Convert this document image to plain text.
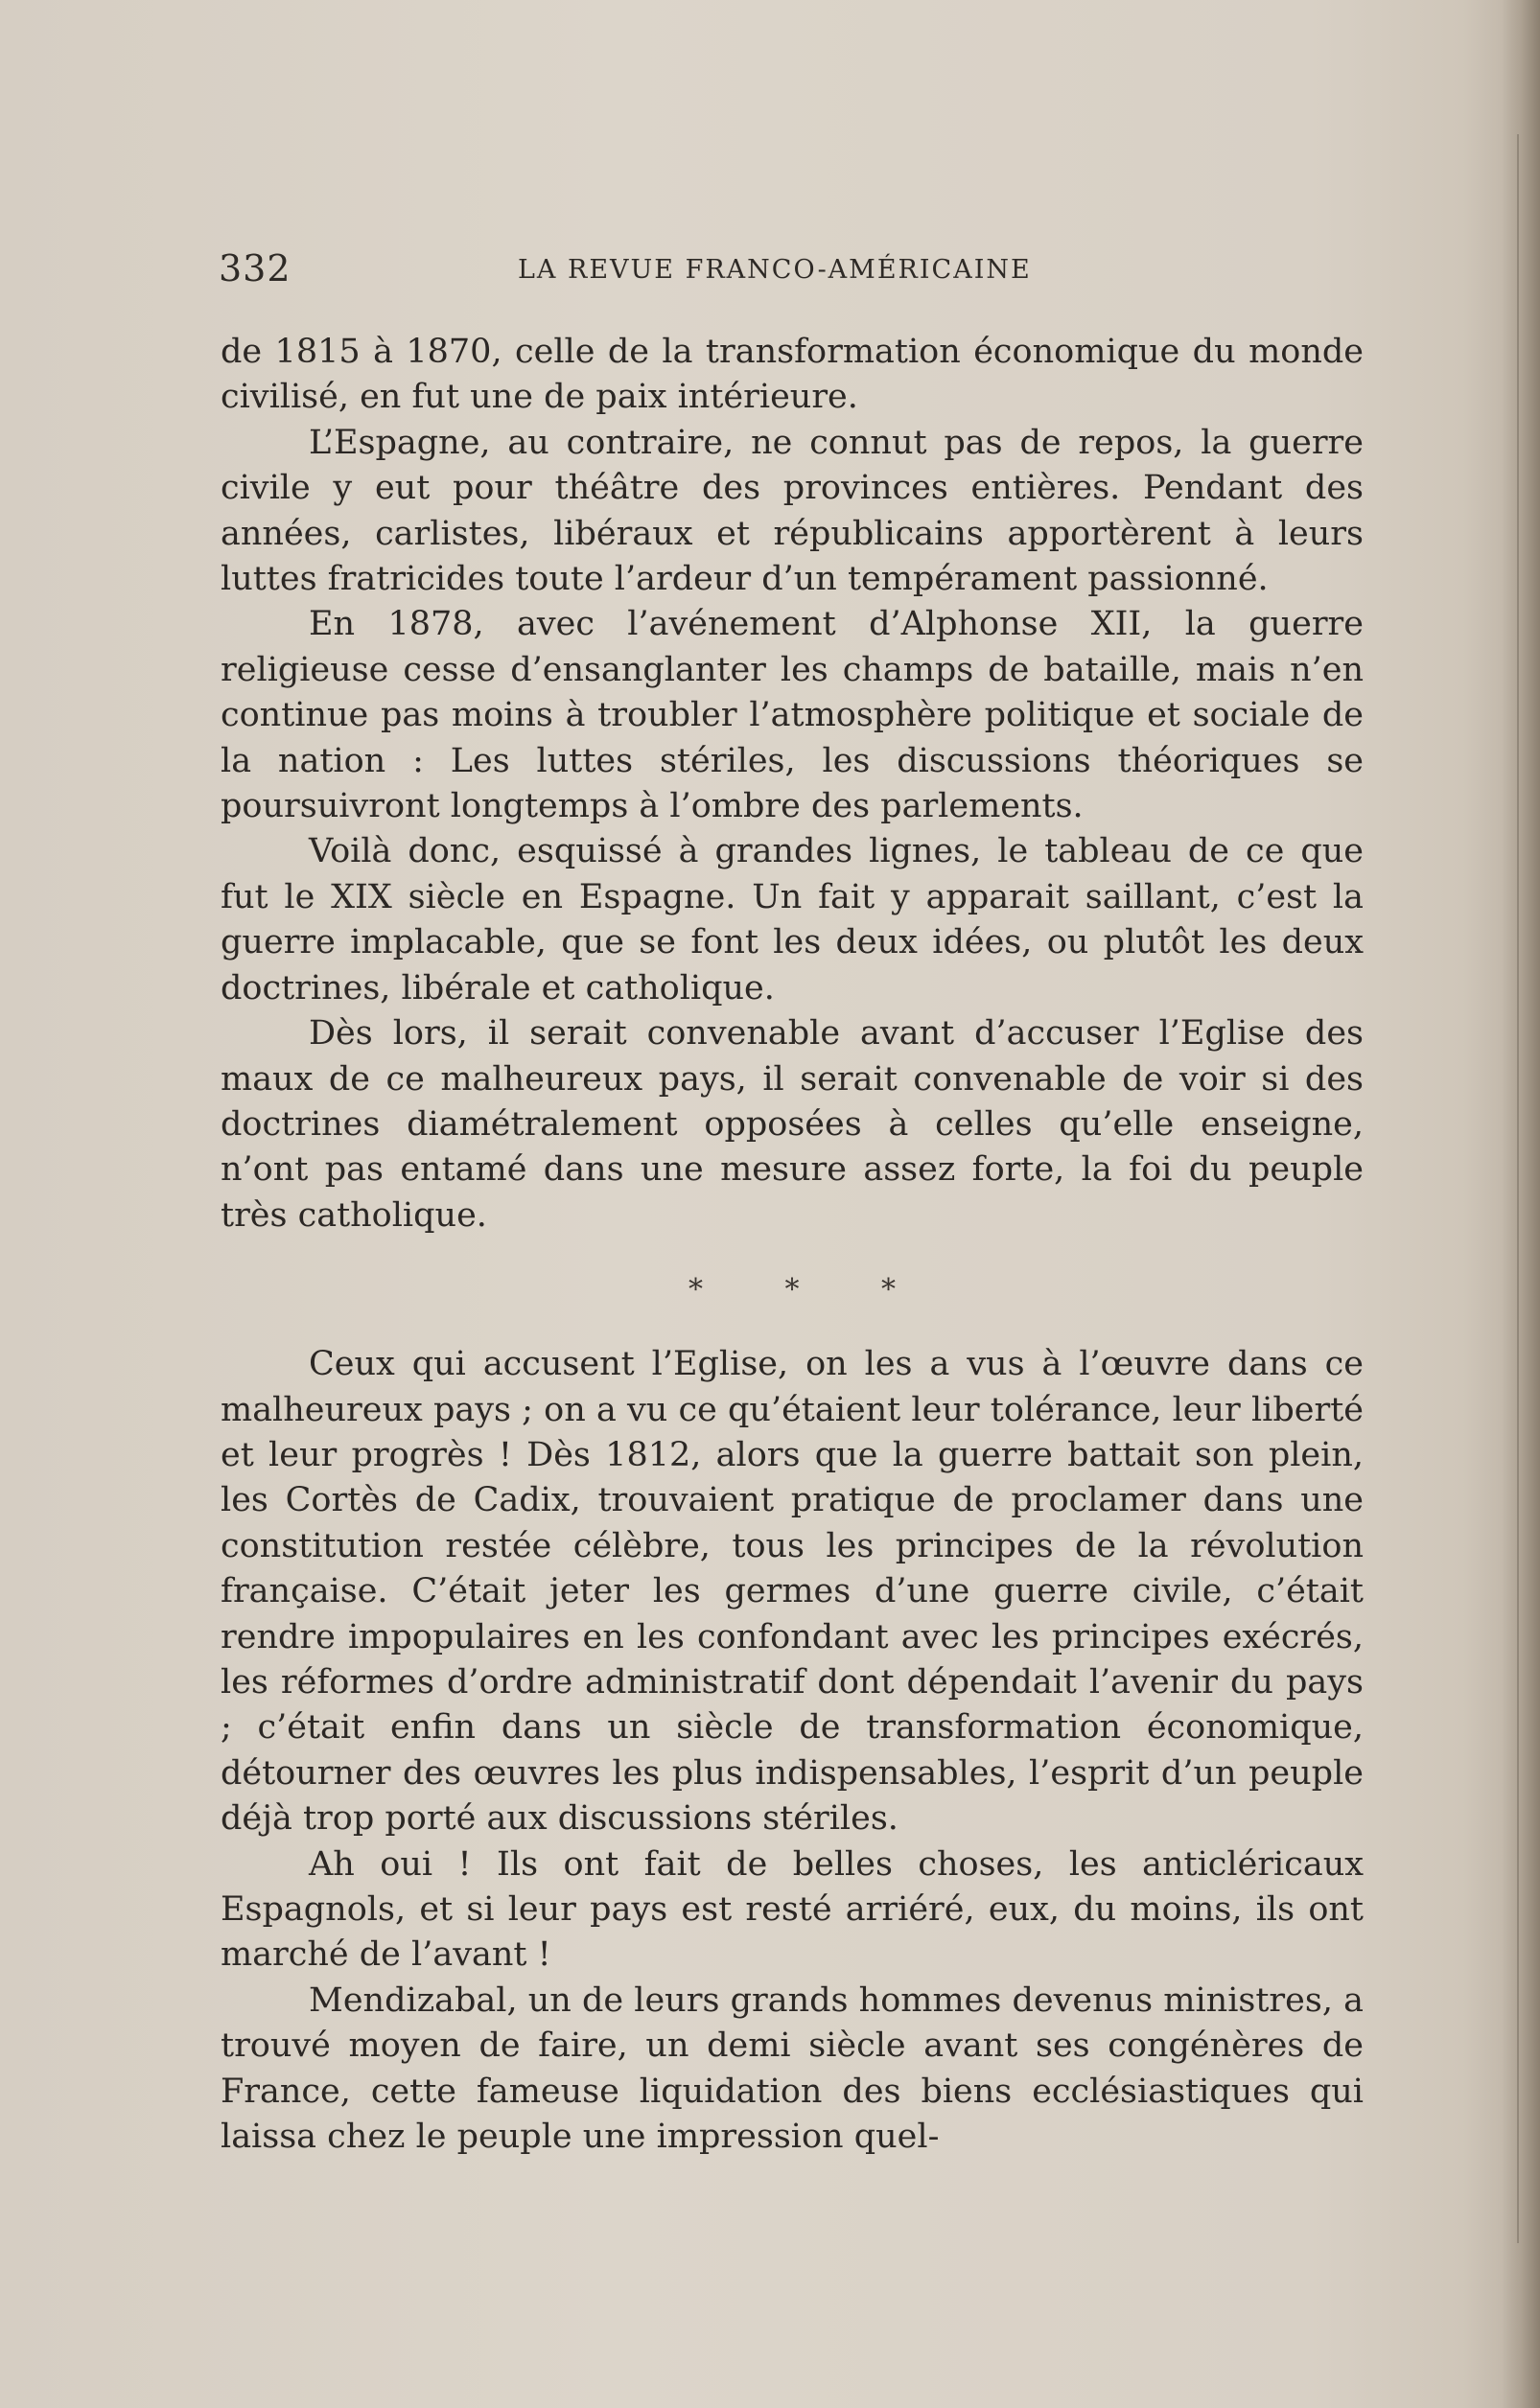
332	LA REVUE FRANCO-AMÉRICAINE

de 1815 à 1870, celle de la transformation économique du monde civilisé, en fut une de paix intérieure.

L’Espagne, au contraire, ne connut pas de repos, la guerre civile y eut pour théâtre des provinces entières. Pendant des années, carlistes, libéraux et républicains apportèrent à leurs luttes fratricides toute l’ardeur d’un tempérament passionné.

En 1878, avec l’avénement d’Alphonse XII, la guerre religieuse cesse d’ensanglanter les champs de bataille, mais n’en continue pas moins à troubler l’atmosphère politique et sociale de la nation : Les luttes stériles, les discussions théoriques se poursuivront longtemps à l’ombre des parlements.

Voilà donc, esquissé à grandes lignes, le tableau de ce que fut le XIX siècle en Espagne. Un fait y apparait saillant, c’est la guerre implacable, que se font les deux idées, ou plutôt les deux doctrines, libérale et catholique.

Dès lors, il serait convenable avant d’accuser l’Eglise des maux de ce malheureux pays, il serait convenable de voir si des doctrines diamétralement opposées à celles qu’elle enseigne, n’ont pas entamé dans une mesure assez forte, la foi du peuple très catholique.

* * *

Ceux qui accusent l’Eglise, on les a vus à l’œuvre dans ce malheureux pays ; on a vu ce qu’étaient leur tolérance, leur liberté et leur progrès ! Dès 1812, alors que la guerre battait son plein, les Cortès de Cadix, trouvaient pratique de proclamer dans une constitution restée célèbre, tous les principes de la révolution française. C’était jeter les germes d’une guerre civile, c’était rendre impopulaires en les confondant avec les principes exécrés, les réformes d’ordre administratif dont dépendait l’avenir du pays ; c’était enfin dans un siècle de transformation économique, détourner des œuvres les plus indispensables, l’esprit d’un peuple déjà trop porté aux discussions stériles.

Ah oui ! Ils ont fait de belles choses, les anticléricaux Espagnols, et si leur pays est resté arriéré, eux, du moins, ils ont marché de l’avant !

Mendizabal, un de leurs grands hommes devenus ministres, a trouvé moyen de faire, un demi siècle avant ses congénères de France, cette fameuse liquidation des biens ecclésiastiques qui laissa chez le peuple une impression quel-
